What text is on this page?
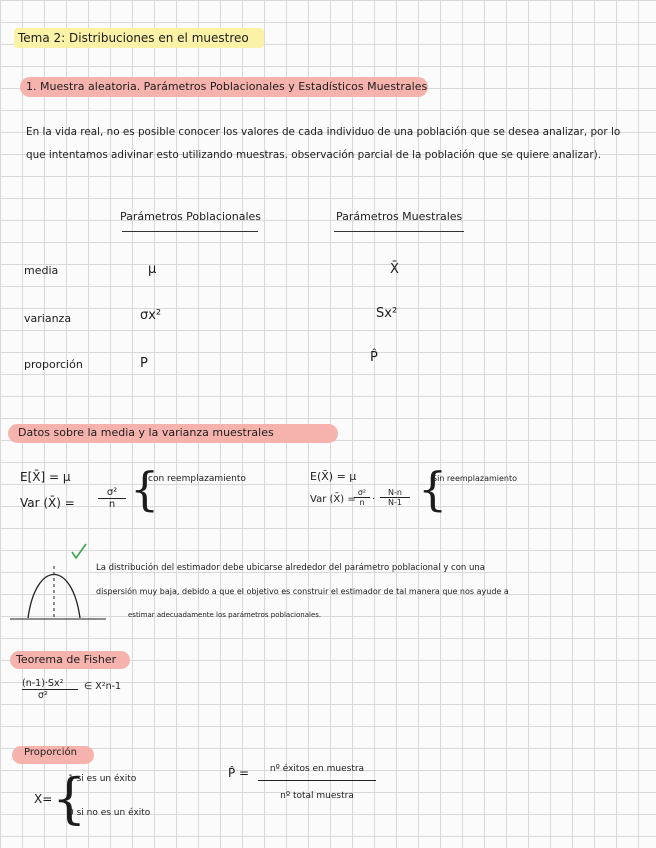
Tema 2: Distribuciones en el muestreo
1. Muestra aleatoria. Parámetros Poblacionales y Estadísticos Muestrales
En la vida real, no es posible conocer los valores de cada individuo de una población que se desea analizar, por lo que intentamos adivinar esto utilizando muestras. observación parcial de la población que se quiere analizar).
Parámetros Poblacionales	Parámetros Muestrales
media	μ	X̄
varianza	σx²	Sx²
proporción	P	P̂
Datos sobre la media y la varianza muestrales
E[X̄] = μ
Var (X̄) = $\frac{\text{σ²}}{n}$ {
con reemplazamiento	E(X̄) = μ
Var (X̄) =
$\frac{\text{σ²}}{n} \cdot \frac{N-n}{N-1}$ {
Sin reemplazamiento
La distribución del estimador debe ubicarse alrededor del parámetro poblacional y con una
dispersión muy baja, debido a que el objetivo es construir el estimador de tal manera que nos ayude a
estimar adecuadamente los parámetros poblacionales.
Teorema de Fisher
$\frac{\text{(n-1)·Sx²}}{\text{σ²}}$ ∈ X²n-1
Proporción
X= {
1 si es un éxito
0 si no es un éxito
P̂ =	nº éxitos en muestra
nº total muestra
